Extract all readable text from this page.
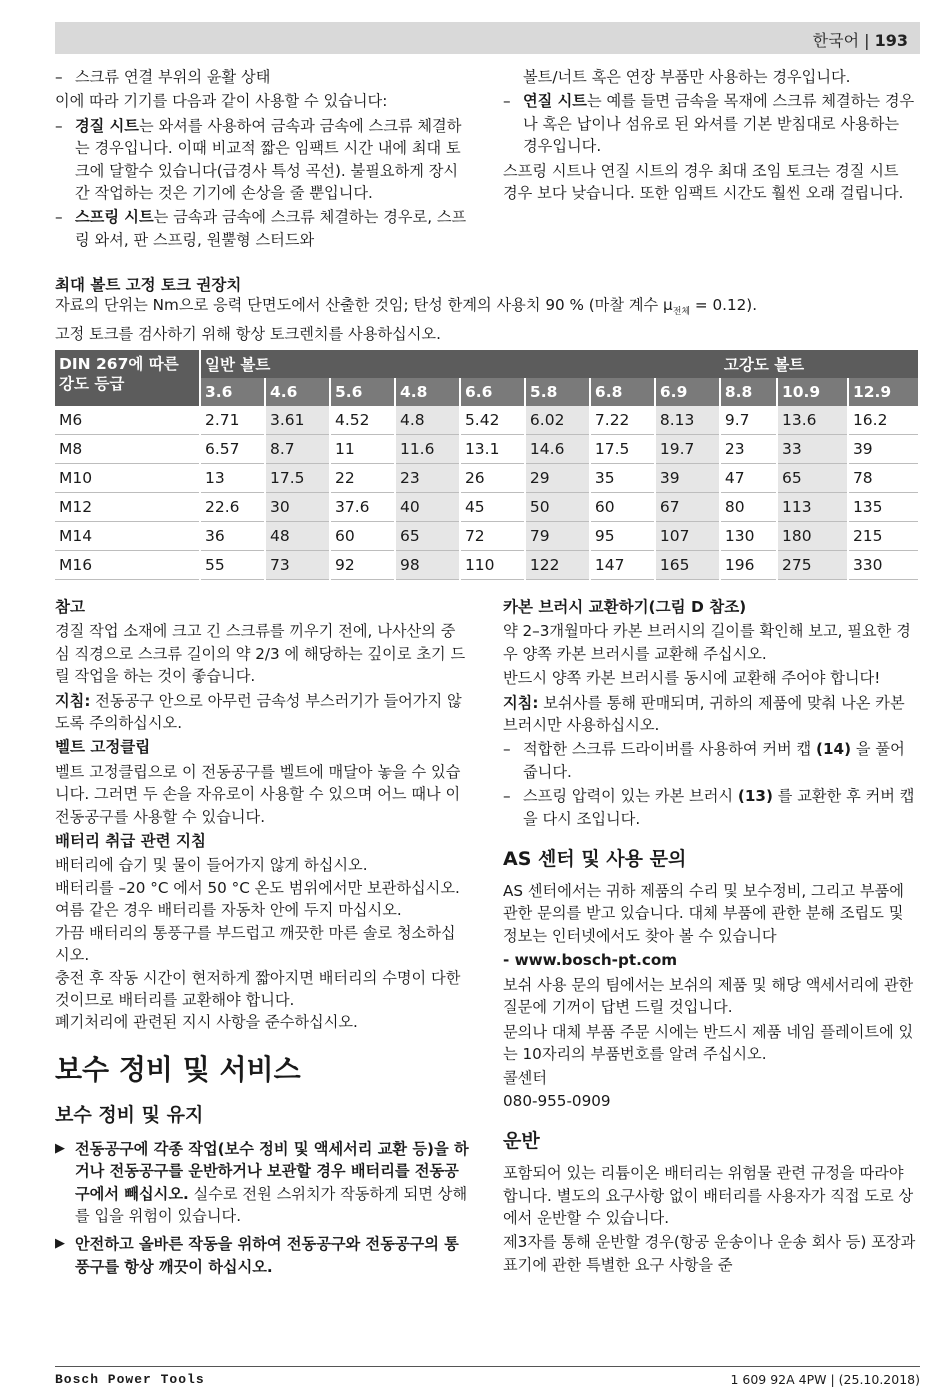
한국어 | 193
– 스크류 연결 부위의 윤활 상태

이에 따라 기기를 다음과 같이 사용할 수 있습니다:

– 경질 시트는 와셔를 사용하여 금속과 금속에 스크류 체결하는 경우입니다. 이때 비교적 짧은 임팩트 시간 내에 최대 토크에 달할수 있습니다(급경사 특성 곡선). 불필요하게 장시간 작업하는 것은 기기에 손상을 줄 뿐입니다.
– 스프링 시트는 금속과 금속에 스크류 체결하는 경우로, 스프링 와셔, 판 스프링, 원뿔형 스터드와
볼트/너트 혹은 연장 부품만 사용하는 경우입니다.
– 연질 시트는 예를 들면 금속을 목재에 스크류 체결하는 경우나 혹은 납이나 섬유로 된 와셔를 기본 받침대로 사용하는 경우입니다.

스프링 시트나 연질 시트의 경우 최대 조임 토크는 경질 시트 경우 보다 낮습니다. 또한 임팩트 시간도 훨씬 오래 걸립니다.

최대 볼트 고정 토크 권장치
자료의 단위는 Nm으로 응력 단면도에서 산출한 것임; 탄성 한계의 사용치 90 % (마찰 계수 $\mu_{전체} = 0.12$).
고정 토크를 검사하기 위해 항상 토크렌치를 사용하십시오.
DIN 267에 따른 강도 등급	일반 볼트								고강도 볼트		
	3.6	4.6	5.6	4.8	6.6	5.8	6.8	6.9	8.8	10.9	12.9
M6	2.71	3.61	4.52	4.8	5.42	6.02	7.22	8.13	9.7	13.6	16.2
M8	6.57	8.7	11	11.6	13.1	14.6	17.5	19.7	23	33	39
M10	13	17.5	22	23	26	29	35	39	47	65	78
M12	22.6	30	37.6	40	45	50	60	67	80	113	135
M14	36	48	60	65	72	79	95	107	130	180	215
M16	55	73	92	98	110	122	147	165	196	275	330

참고

경질 작업 소재에 크고 긴 스크류를 끼우기 전에, 나사산의 중심 직경으로 스크류 길이의 약 2/3 에 해당하는 깊이로 초기 드릴 작업을 하는 것이 좋습니다.

지침: 전동공구 안으로 아무런 금속성 부스러기가 들어가지 않도록 주의하십시오.

벨트 고정클립

벨트 고정클립으로 이 전동공구를 벨트에 매달아 놓을 수 있습니다. 그러면 두 손을 자유로이 사용할 수 있으며 어느 때나 이 전동공구를 사용할 수 있습니다.

배터리 취급 관련 지침

배터리에 습기 및 물이 들어가지 않게 하십시오.

배터리를 –20 °C 에서 50 °C 온도 범위에서만 보관하십시오. 여름 같은 경우 배터리를 자동차 안에 두지 마십시오.

가끔 배터리의 통풍구를 부드럽고 깨끗한 마른 솔로 청소하십시오.

충전 후 작동 시간이 현저하게 짧아지면 배터리의 수명이 다한 것이므로 배터리를 교환해야 합니다.

폐기처리에 관련된 지시 사항을 준수하십시오.

보수 정비 및 서비스

보수 정비 및 유지

▶ 전동공구에 각종 작업(보수 정비 및 액세서리 교환 등)을 하거나 전동공구를 운반하거나 보관할 경우 배터리를 전동공구에서 빼십시오. 실수로 전원 스위치가 작동하게 되면 상해를 입을 위험이 있습니다.
▶ 안전하고 올바른 작동을 위하여 전동공구와 전동공구의 통풍구를 항상 깨끗이 하십시오.

카본 브러시 교환하기(그림 D 참조)

약 2–3개월마다 카본 브러시의 길이를 확인해 보고, 필요한 경우 양쪽 카본 브러시를 교환해 주십시오.

반드시 양쪽 카본 브러시를 동시에 교환해 주어야 합니다!

지침: 보쉬사를 통해 판매되며, 귀하의 제품에 맞춰 나온 카본 브러시만 사용하십시오.

– 적합한 스크류 드라이버를 사용하여 커버 캡 (14) 을 풀어 줍니다.
– 스프링 압력이 있는 카본 브러시 (13) 를 교환한 후 커버 캡을 다시 조입니다.

AS 센터 및 사용 문의

AS 센터에서는 귀하 제품의 수리 및 보수정비, 그리고 부품에 관한 문의를 받고 있습니다. 대체 부품에 관한 분해 조립도 및 정보는 인터넷에서도 찾아 볼 수 있습니다

- www.bosch-pt.com

보쉬 사용 문의 팀에서는 보쉬의 제품 및 해당 액세서리에 관한 질문에 기꺼이 답변 드릴 것입니다.

문의나 대체 부품 주문 시에는 반드시 제품 네임 플레이트에 있는 10자리의 부품번호를 알려 주십시오.

콜센터

080-955-0909

운반

포함되어 있는 리튬이온 배터리는 위험물 관련 규정을 따라야 합니다. 별도의 요구사항 없이 배터리를 사용자가 직접 도로 상에서 운반할 수 있습니다.

제3자를 통해 운반할 경우(항공 운송이나 운송 회사 등) 포장과 표기에 관한 특별한 요구 사항을 준

Bosch Power Tools	1 609 92A 4PW | (25.10.2018)
